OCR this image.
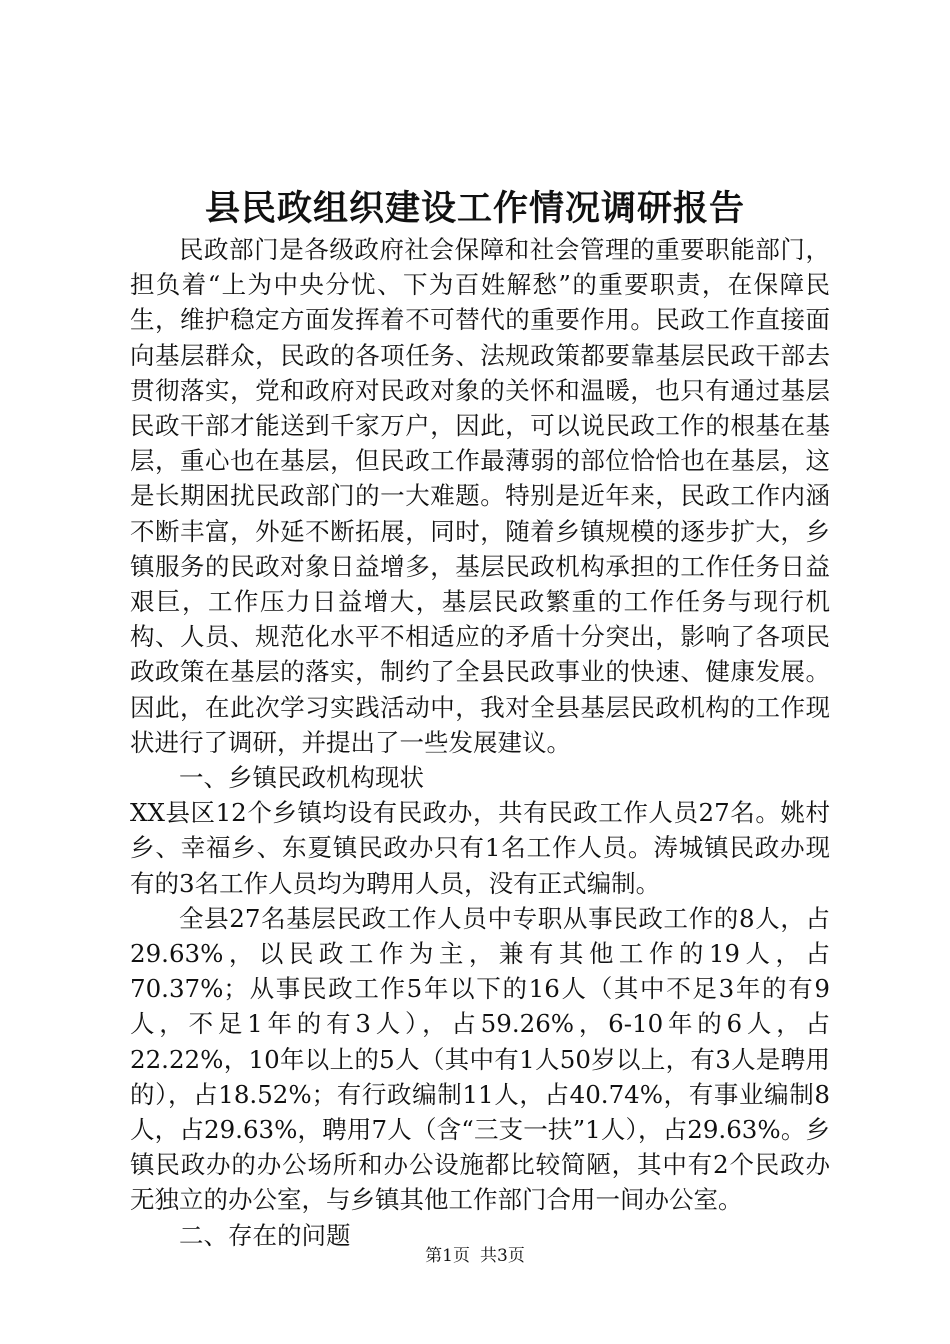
县民政组织建设工作情况调研报告

民政部门是各级政府社会保障和社会管理的重要职能部门，担负着“上为中央分忧、下为百姓解愁”的重要职责，在保障民生，维护稳定方面发挥着不可替代的重要作用。民政工作直接面向基层群众，民政的各项任务、法规政策都要靠基层民政干部去贯彻落实，党和政府对民政对象的关怀和温暖，也只有通过基层民政干部才能送到千家万户，因此，可以说民政工作的根基在基层，重心也在基层，但民政工作最薄弱的部位恰恰也在基层，这是长期困扰民政部门的一大难题。特别是近年来，民政工作内涵不断丰富，外延不断拓展，同时，随着乡镇规模的逐步扩大，乡镇服务的民政对象日益增多，基层民政机构承担的工作任务日益艰巨，工作压力日益增大，基层民政繁重的工作任务与现行机构、人员、规范化水平不相适应的矛盾十分突出，影响了各项民政政策在基层的落实，制约了全县民政事业的快速、健康发展。因此，在此次学习实践活动中，我对全县基层民政机构的工作现状进行了调研，并提出了一些发展建议。

一、乡镇民政机构现状

XX县区12个乡镇均设有民政办，共有民政工作人员27名。姚村乡、幸福乡、东夏镇民政办只有1名工作人员。涛城镇民政办现有的3名工作人员均为聘用人员，没有正式编制。

全县27名基层民政工作人员中专职从事民政工作的8人，占29.63%，以民政工作为主，兼有其他工作的19人，占70.37%；从事民政工作5年以下的16人（其中不足3年的有9人，不足1年的有3人），占59.26%，6-10年的6人，占22.22%，10年以上的5人（其中有1人50岁以上，有3人是聘用的），占18.52%；有行政编制11人，占40.74%，有事业编制8人，占29.63%，聘用7人（含“三支一扶”1人），占29.63%。乡镇民政办的办公场所和办公设施都比较简陋，其中有2个民政办无独立的办公室，与乡镇其他工作部门合用一间办公室。

二、存在的问题

第1页 共3页
